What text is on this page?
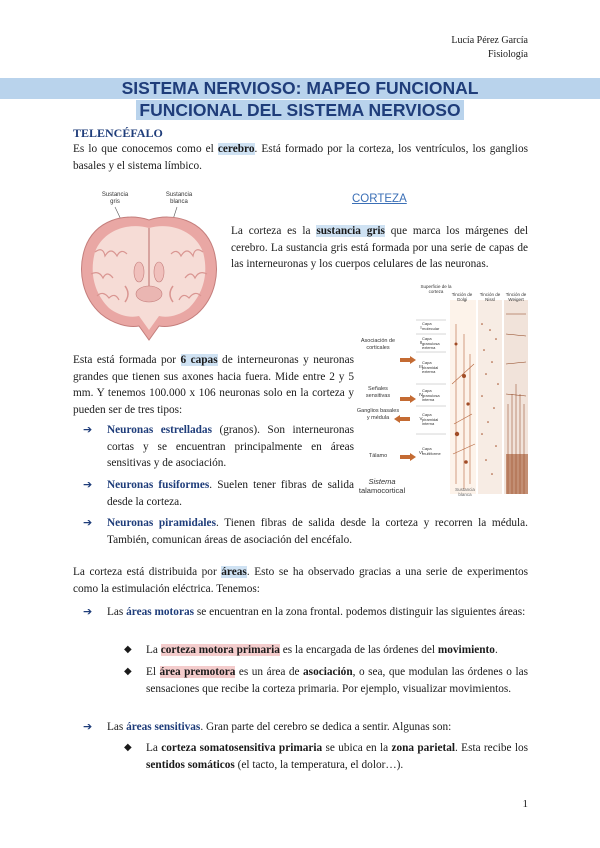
Lucía Pérez García
Fisiología
SISTEMA NERVIOSO: MAPEO FUNCIONAL
FUNCIONAL DEL SISTEMA NERVIOSO
TELENCÉFALO
Es lo que conocemos como el cerebro. Está formado por la corteza, los ventrículos, los ganglios basales y el sistema límbico.
Sustancia gris
Sustancia blanca	CORTEZA
La corteza es la sustancia gris que marca los márgenes del cerebro. La sustancia gris está formada por una serie de capas de las interneuronas y los cuerpos celulares de las neuronas.
Superficie de la corteza
Tinción de Golgi
Tinción de Nissl
Tinción de Weigert
Asociación de corticales
Señales sensitivas
Ganglios basales y médula
Tálamo
I
Capa molecular
II
Capa granulosa externa
III
Capa piramidal externa
IV
Capa granulosa interna
V
Capa piramidal interna
VI
Capa multiforme
Sistema
talamocortical	Sustancia blanca
Esta está formada por 6 capas de interneuronas y neuronas grandes que tienen sus axones hacia fuera. Mide entre 2 y 5 mm. Y tenemos 100.000 x 106 neuronas solo en la corteza y pueden ser de tres tipos:
➔ Neuronas estrelladas (granos). Son interneuronas cortas y se encuentran principalmente en áreas sensitivas y de asociación.
➔ Neuronas fusiformes. Suelen tener fibras de salida desde la corteza.
➔ Neuronas piramidales. Tienen fibras de salida desde la corteza y recorren la médula. También, comunican áreas de asociación del encéfalo.
La corteza está distribuida por áreas. Esto se ha observado gracias a una serie de experimentos como la estimulación eléctrica. Tenemos:
➔ Las áreas motoras se encuentran en la zona frontal. podemos distinguir las siguientes áreas:
◆ La corteza motora primaria es la encargada de las órdenes del movimiento.
◆ El área premotora es un área de asociación, o sea, que modulan las órdenes o las sensaciones que recibe la corteza primaria. Por ejemplo, visualizar movimientos.
➔ Las áreas sensitivas. Gran parte del cerebro se dedica a sentir. Algunas son:
◆ La corteza somatosensitiva primaria se ubica en la zona parietal. Esta recibe los sentidos somáticos (el tacto, la temperatura, el dolor…).
1
